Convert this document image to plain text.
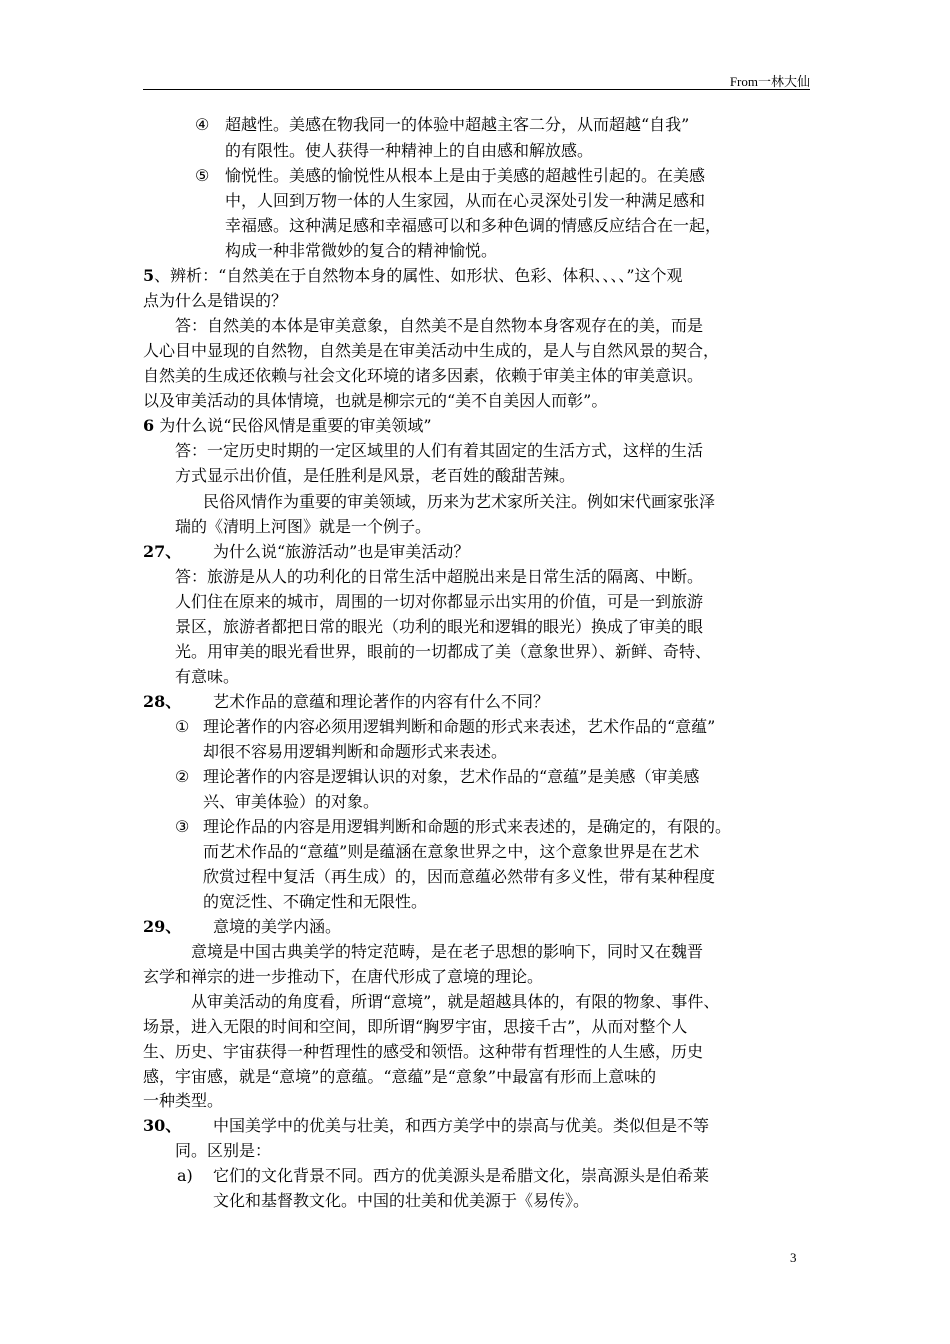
From一林大仙
④ 超越性。美感在物我同一的体验中超越主客二分，从而超越“自我”
的有限性。使人获得一种精神上的自由感和解放感。
⑤ 愉悦性。美感的愉悦性从根本上是由于美感的超越性引起的。在美感
中，人回到万物一体的人生家园，从而在心灵深处引发一种满足感和
幸福感。这种满足感和幸福感可以和多种色调的情感反应结合在一起，
构成一种非常微妙的复合的精神愉悦。
5、辨析：“自然美在于自然物本身的属性、如形状、色彩、体积、、、、”这个观
点为什么是错误的？
答：自然美的本体是审美意象，自然美不是自然物本身客观存在的美，而是
人心目中显现的自然物，自然美是在审美活动中生成的，是人与自然风景的契合，
自然美的生成还依赖与社会文化环境的诸多因素，依赖于审美主体的审美意识。
以及审美活动的具体情境，也就是柳宗元的“美不自美因人而彰”。
6 为什么说“民俗风情是重要的审美领域”
答：一定历史时期的一定区域里的人们有着其固定的生活方式，这样的生活
方式显示出价值，是任胜利是风景，老百姓的酸甜苦辣。
民俗风情作为重要的审美领域，历来为艺术家所关注。例如宋代画家张泽
瑞的《清明上河图》就是一个例子。
27、 为什么说“旅游活动”也是审美活动？
答：旅游是从人的功利化的日常生活中超脱出来是日常生活的隔离、中断。
人们住在原来的城市，周围的一切对你都显示出实用的价值，可是一到旅游
景区，旅游者都把日常的眼光（功利的眼光和逻辑的眼光）换成了审美的眼
光。用审美的眼光看世界，眼前的一切都成了美（意象世界）、新鲜、奇特、
有意味。
28、 艺术作品的意蕴和理论著作的内容有什么不同？
① 理论著作的内容必须用逻辑判断和命题的形式来表述，艺术作品的“意蕴”
却很不容易用逻辑判断和命题形式来表述。
② 理论著作的内容是逻辑认识的对象，艺术作品的“意蕴”是美感（审美感
兴、审美体验）的对象。
③ 理论作品的内容是用逻辑判断和命题的形式来表述的，是确定的，有限的。
而艺术作品的“意蕴”则是蕴涵在意象世界之中，这个意象世界是在艺术
欣赏过程中复活（再生成）的，因而意蕴必然带有多义性，带有某种程度
的宽泛性、不确定性和无限性。
29、 意境的美学内涵。
意境是中国古典美学的特定范畴，是在老子思想的影响下，同时又在魏晋
玄学和禅宗的进一步推动下，在唐代形成了意境的理论。
从审美活动的角度看，所谓“意境”，就是超越具体的，有限的物象、事件、
场景，进入无限的时间和空间，即所谓“胸罗宇宙，思接千古”，从而对整个人
生、历史、宇宙获得一种哲理性的感受和领悟。这种带有哲理性的人生感，历史
感，宇宙感，就是“意境”的意蕴。“意蕴”是“意象”中最富有形而上意味的
一种类型。
30、 中国美学中的优美与壮美，和西方美学中的崇高与优美。类似但是不等
同。区别是：
a) 它们的文化背景不同。西方的优美源头是希腊文化，崇高源头是伯希莱
文化和基督教文化。中国的壮美和优美源于《易传》。
3
